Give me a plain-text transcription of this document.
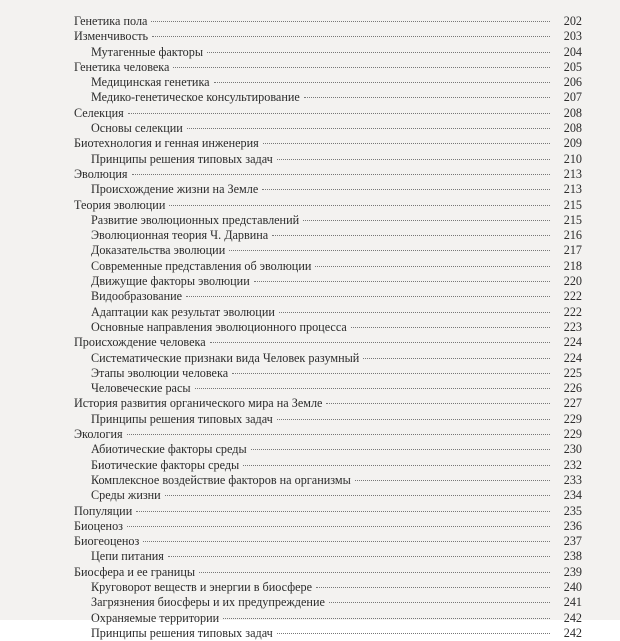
Генетика пола	202
Изменчивость	203
Мутагенные факторы	204
Генетика человека	205
Медицинская генетика	206
Медико-генетическое консультирование	207
Селекция	208
Основы селекции	208
Биотехнология и генная инженерия	209
Принципы решения типовых задач	210
Эволюция	213
Происхождение жизни на Земле	213
Теория эволюции	215
Развитие эволюционных представлений	215
Эволюционная теория Ч. Дарвина	216
Доказательства эволюции	217
Современные представления об эволюции	218
Движущие факторы эволюции	220
Видообразование	222
Адаптации как результат эволюции	222
Основные направления эволюционного процесса	223
Происхождение человека	224
Систематические признаки вида Человек разумный	224
Этапы эволюции человека	225
Человеческие расы	226
История развития органического мира на Земле	227
Принципы решения типовых задач	229
Экология	229
Абиотические факторы среды	230
Биотические факторы среды	232
Комплексное воздействие факторов на организмы	233
Среды жизни	234
Популяции	235
Биоценоз	236
Биогеоценоз	237
Цепи питания	238
Биосфера и ее границы	239
Круговорот веществ и энергии в биосфере	240
Загрязнения биосферы и их предупреждение	241
Охраняемые территории	242
Принципы решения типовых задач	242
